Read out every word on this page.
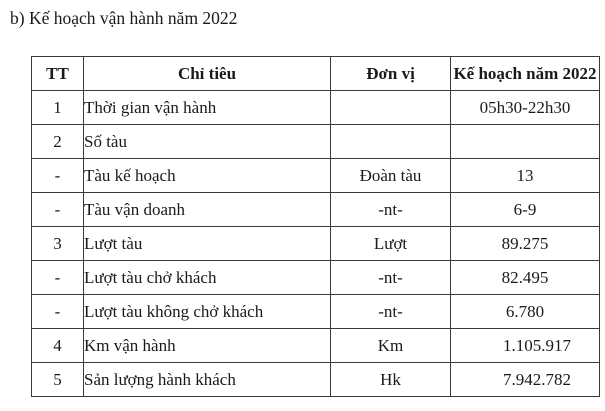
b) Kế hoạch vận hành năm 2022
TT	Chỉ tiêu	Đơn vị	Kế hoạch năm 2022
1	Thời gian vận hành		05h30-22h30
2	Số tàu		
-	Tàu kế hoạch	Đoàn tàu	13
-	Tàu vận doanh	-nt-	6-9
3	Lượt tàu	Lượt	89.275
-	Lượt tàu chở khách	-nt-	82.495
-	Lượt tàu không chở khách	-nt-	6.780
4	Km vận hành	Km	1.105.917
5	Sản lượng hành khách	Hk	7.942.782
